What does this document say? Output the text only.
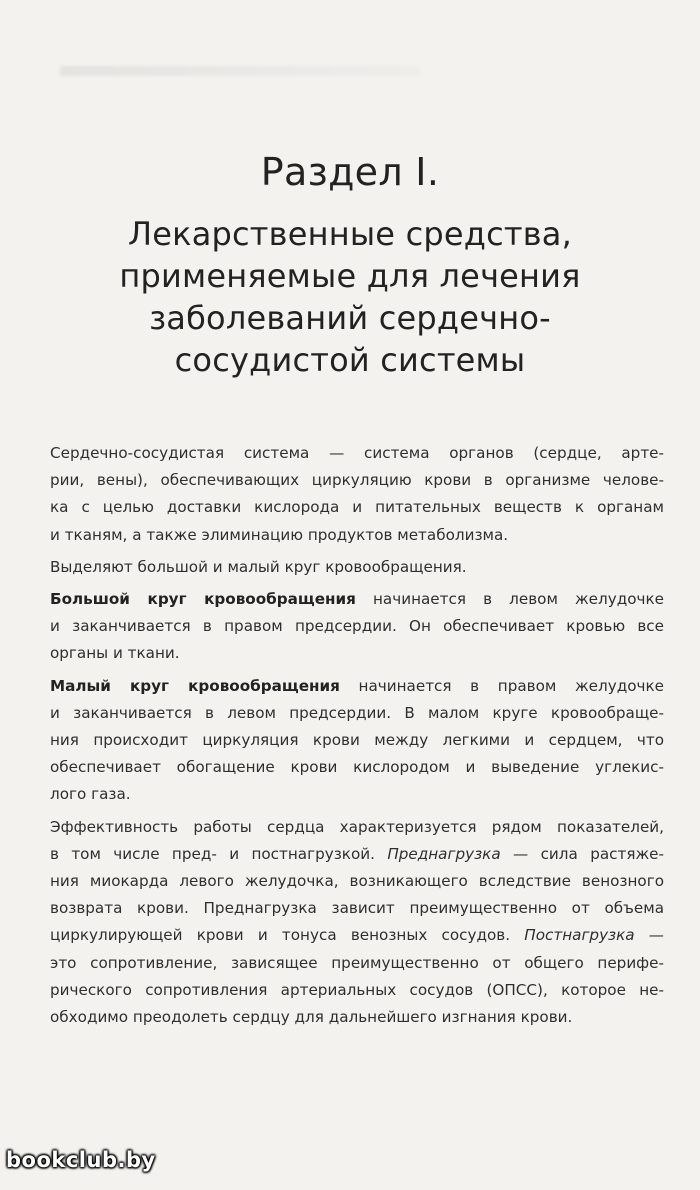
Раздел I.
Лекарственные средства,
применяемые для лечения
заболеваний сердечно-
сосудистой системы

Сердечно-сосудистая система — система органов (сердце, арте-
рии, вены), обеспечивающих циркуляцию крови в организме челове-
ка с целью доставки кислорода и питательных веществ к органам
и тканям, а также элиминацию продуктов метаболизма.

Выделяют большой и малый круг кровообращения.

Большой круг кровообращения начинается в левом желудочке
и заканчивается в правом предсердии. Он обеспечивает кровью все
органы и ткани.

Малый круг кровообращения начинается в правом желудочке
и заканчивается в левом предсердии. В малом круге кровообраще-
ния происходит циркуляция крови между легкими и сердцем, что
обеспечивает обогащение крови кислородом и выведение углекис-
лого газа.

Эффективность работы сердца характеризуется рядом показателей,
в том числе пред- и постнагрузкой. Преднагрузка — сила растяже-
ния миокарда левого желудочка, возникающего вследствие венозного
возврата крови. Преднагрузка зависит преимущественно от объема
циркулирующей крови и тонуса венозных сосудов. Постнагрузка —
это сопротивление, зависящее преимущественно от общего перифе-
рического сопротивления артериальных сосудов (ОПСС), которое не-
обходимо преодолеть сердцу для дальнейшего изгнания крови.

bookclub.by
